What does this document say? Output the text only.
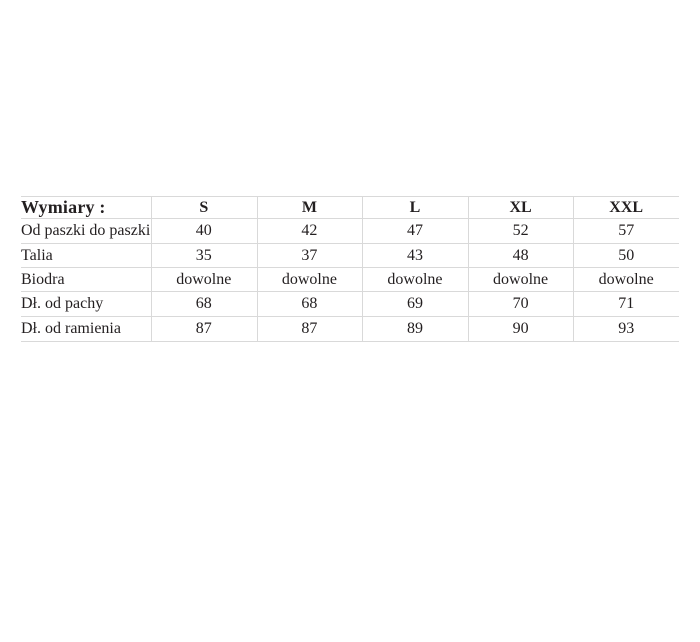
Wymiary :	S	M	L	XL	XXL
Od paszki do paszki	40	42	47	52	57
Talia	35	37	43	48	50
Biodra	dowolne	dowolne	dowolne	dowolne	dowolne
Dł. od pachy	68	68	69	70	71
Dł. od ramienia	87	87	89	90	93
